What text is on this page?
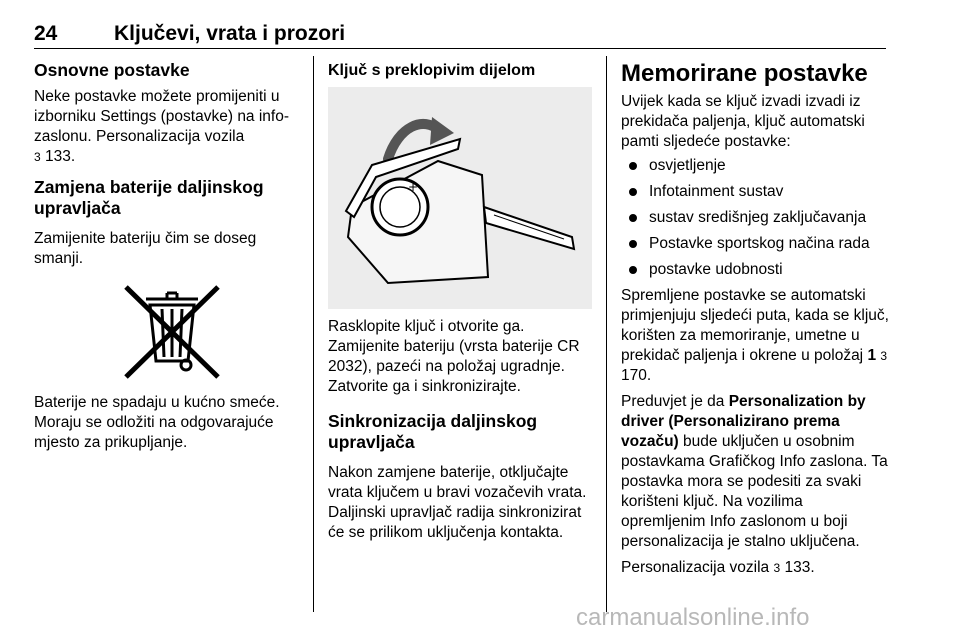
24	Ključevi, vrata i prozori
Osnovne postavke

Neke postavke možete promijeniti u izborniku Settings (postavke) na info-zaslonu. Personalizacija vozila
3 133.

Zamjena baterije daljinskog upravljača

Zamijenite bateriju čim se doseg smanji.

Baterije ne spadaju u kućno smeće. Moraju se odložiti na odgovarajuće mjesto za prikupljanje.

Ključ s preklopivim dijelom
+

Rasklopite ključ i otvorite ga. Zamijenite bateriju (vrsta baterije CR 2032), pazeći na položaj ugradnje. Zatvorite ga i sinkronizirajte.

Sinkronizacija daljinskog upravljača

Nakon zamjene baterije, otključajte vrata ključem u bravi vozačevih vrata. Daljinski upravljač radija sinkronizirat će se prilikom uključenja kontakta.

Memorirane postavke

Uvijek kada se ključ izvadi izvadi iz prekidača paljenja, ključ automatski pamti sljedeće postavke:

osvjetljenje
Infotainment sustav
sustav središnjeg zaključavanja
Postavke sportskog načina rada
postavke udobnosti

Spremljene postavke se automatski primjenjuju sljedeći puta, kada se ključ, korišten za memoriranje, umetne u prekidač paljenja i okrene u položaj 1 3 170.

Preduvjet je da Personalization by driver (Personalizirano prema vozaču) bude uključen u osobnim postavkama Grafičkog Info zaslona. Ta postavka mora se podesiti za svaki korišteni ključ. Na vozilima opremljenim Info zaslonom u boji personalizacija je stalno uključena.

Personalizacija vozila 3 133.

carmanualsonline.info
